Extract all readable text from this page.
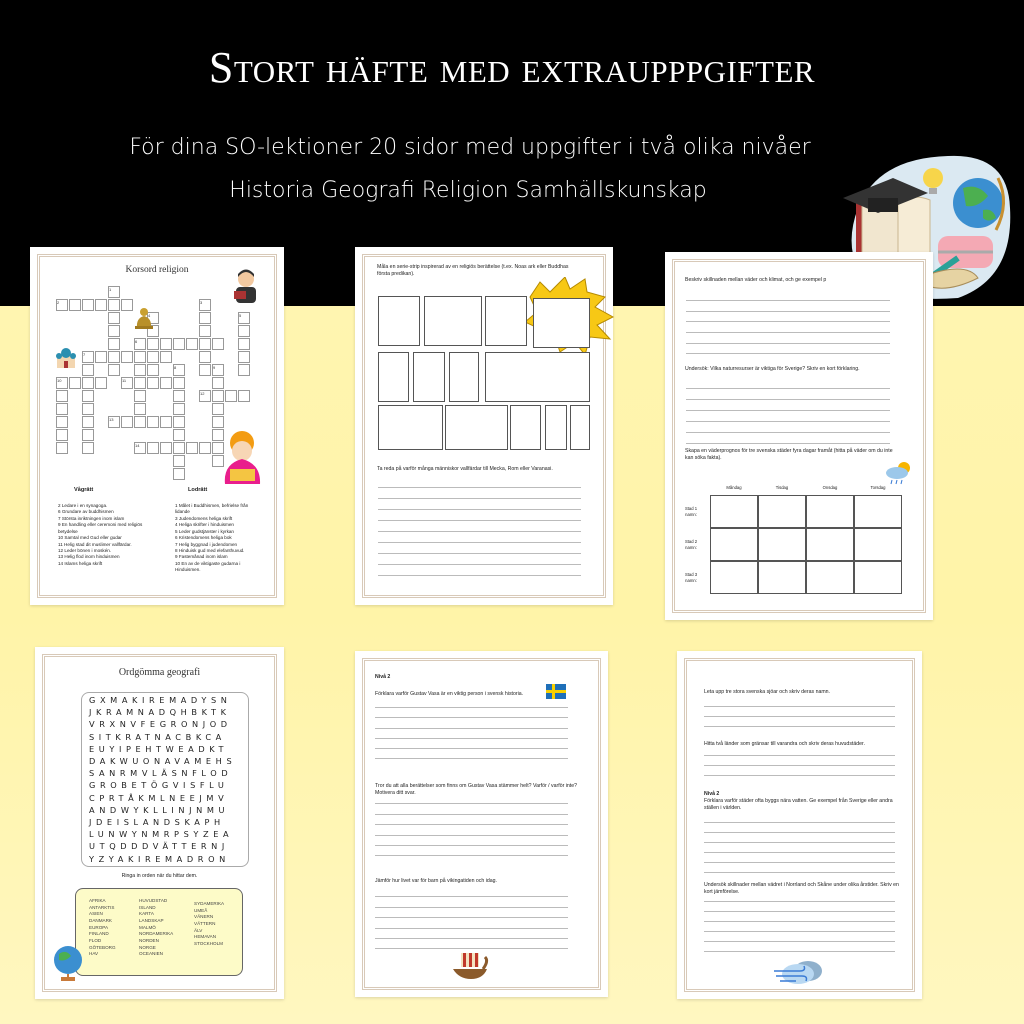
Stort häfte med extraupppgifter
För dina SO-lektioner 20 sidor med uppgifter i två olika nivåer
Historia Geografi Religion Samhällskunskap
Korsord religion
1
2	3
4	5
6
7
8	9
10	11
12
13
14
Vågrätt	Lodrätt
2 Ledare i en synagoga.
6 Grundare av buddhismen
7 Största inriktningen inom islam
9 En handling eller ceremoni med religiös betydelse
10 Samtal med Gud eller gudar
11 Helig stad dit muslimer vallfärdar.
12 Leder bönen i moskén.
13 Helig flod inom hinduismen
14 Islams heliga skrift
1 Målet i Buddhismen, befrielse från lidande
3 Judendomens heliga skrift
4 Heliga skrifter i hinduismen
5 Leder gudstjänster i kyrkan
6 Kristendomens heliga bok
7 Helig byggnad i judendomen
8 Hinduisk gud med elefanthuvud.
9 Fastemånad inom islam
10 En av de viktigaste gudarna i Hinduismen.
Måla en serie-strip inspirerad av en religiös berättelse (t.ex. Noas ark eller Buddhas första predikan).
Ta reda på varför många människor vallfärdar till Mecka, Rom eller Varanasi.
Beskriv skillnaden mellan väder och klimat, och ge exempel p
Undersök: Vilka naturresurser är viktiga för Sverige? Skriv en kort förklaring.
Skapa en väderprognos för tre svenska städer fyra dagar framåt (hitta på väder om du inte kan söka fakta).
Måndag	Tisdag	Onsdag	Torsdag
Stad 1 namn:
Stad 2 namn:
Stad 3 namn:
Ordgömma geografi
GXMAKIREMADYSN
JKRAMNADQHBKTK
VRXNVFEGRONJOD
SITKRATNACBKCA
EUYIPEHTWEADKT
DAKWUONAVAMEHS
SANRMVLÄSNFLOD
GROBETÖGVISFLU
CPRTÅKMLNEEJMV
ANDWYKLLINJNMU
JDEISLANDSKAPH
LUNWYNMRPSYZEA
UTQDDDVÄTTERNJ
YZYAKIREMADRON
Ringa in orden när du hittar dem.
AFRIKA
ANTARKTIS
ASIEN
DANMARK
EUROPA
FINLAND
FLOD
GÖTEBORG
HAV
HUVUDSTAD
ISLAND
KARTA
LANDSKAP
MALMÖ
NORDAMERIKA
NORDEN
NORGE
OCEANIEN
SYDAMERIKA
UMEÅ
VÄNERN
VÄTTERN
ÄLV
HEMAVAN
STOCKHOLM
Nivå 2
Förklara varför Gustav Vasa är en viktig person i svensk historia.
Tror du att alla berättelser som finns om Gustav Vasa stämmer helt? Varför / varför inte? Motivera ditt svar.
Jämför hur livet var för barn på vikingatiden och idag.
Leta upp tre stora svenska sjöar och skriv deras namn.
Hitta två länder som gränsar till varandra och skriv deras huvudstäder.
Nivå 2
Förklara varför städer ofta byggs nära vatten. Ge exempel från Sverige eller andra ställen i världen.
Undersök skillnader mellan vädret i Norrland och Skåne under olika årstider. Skriv en kort jämförelse.
